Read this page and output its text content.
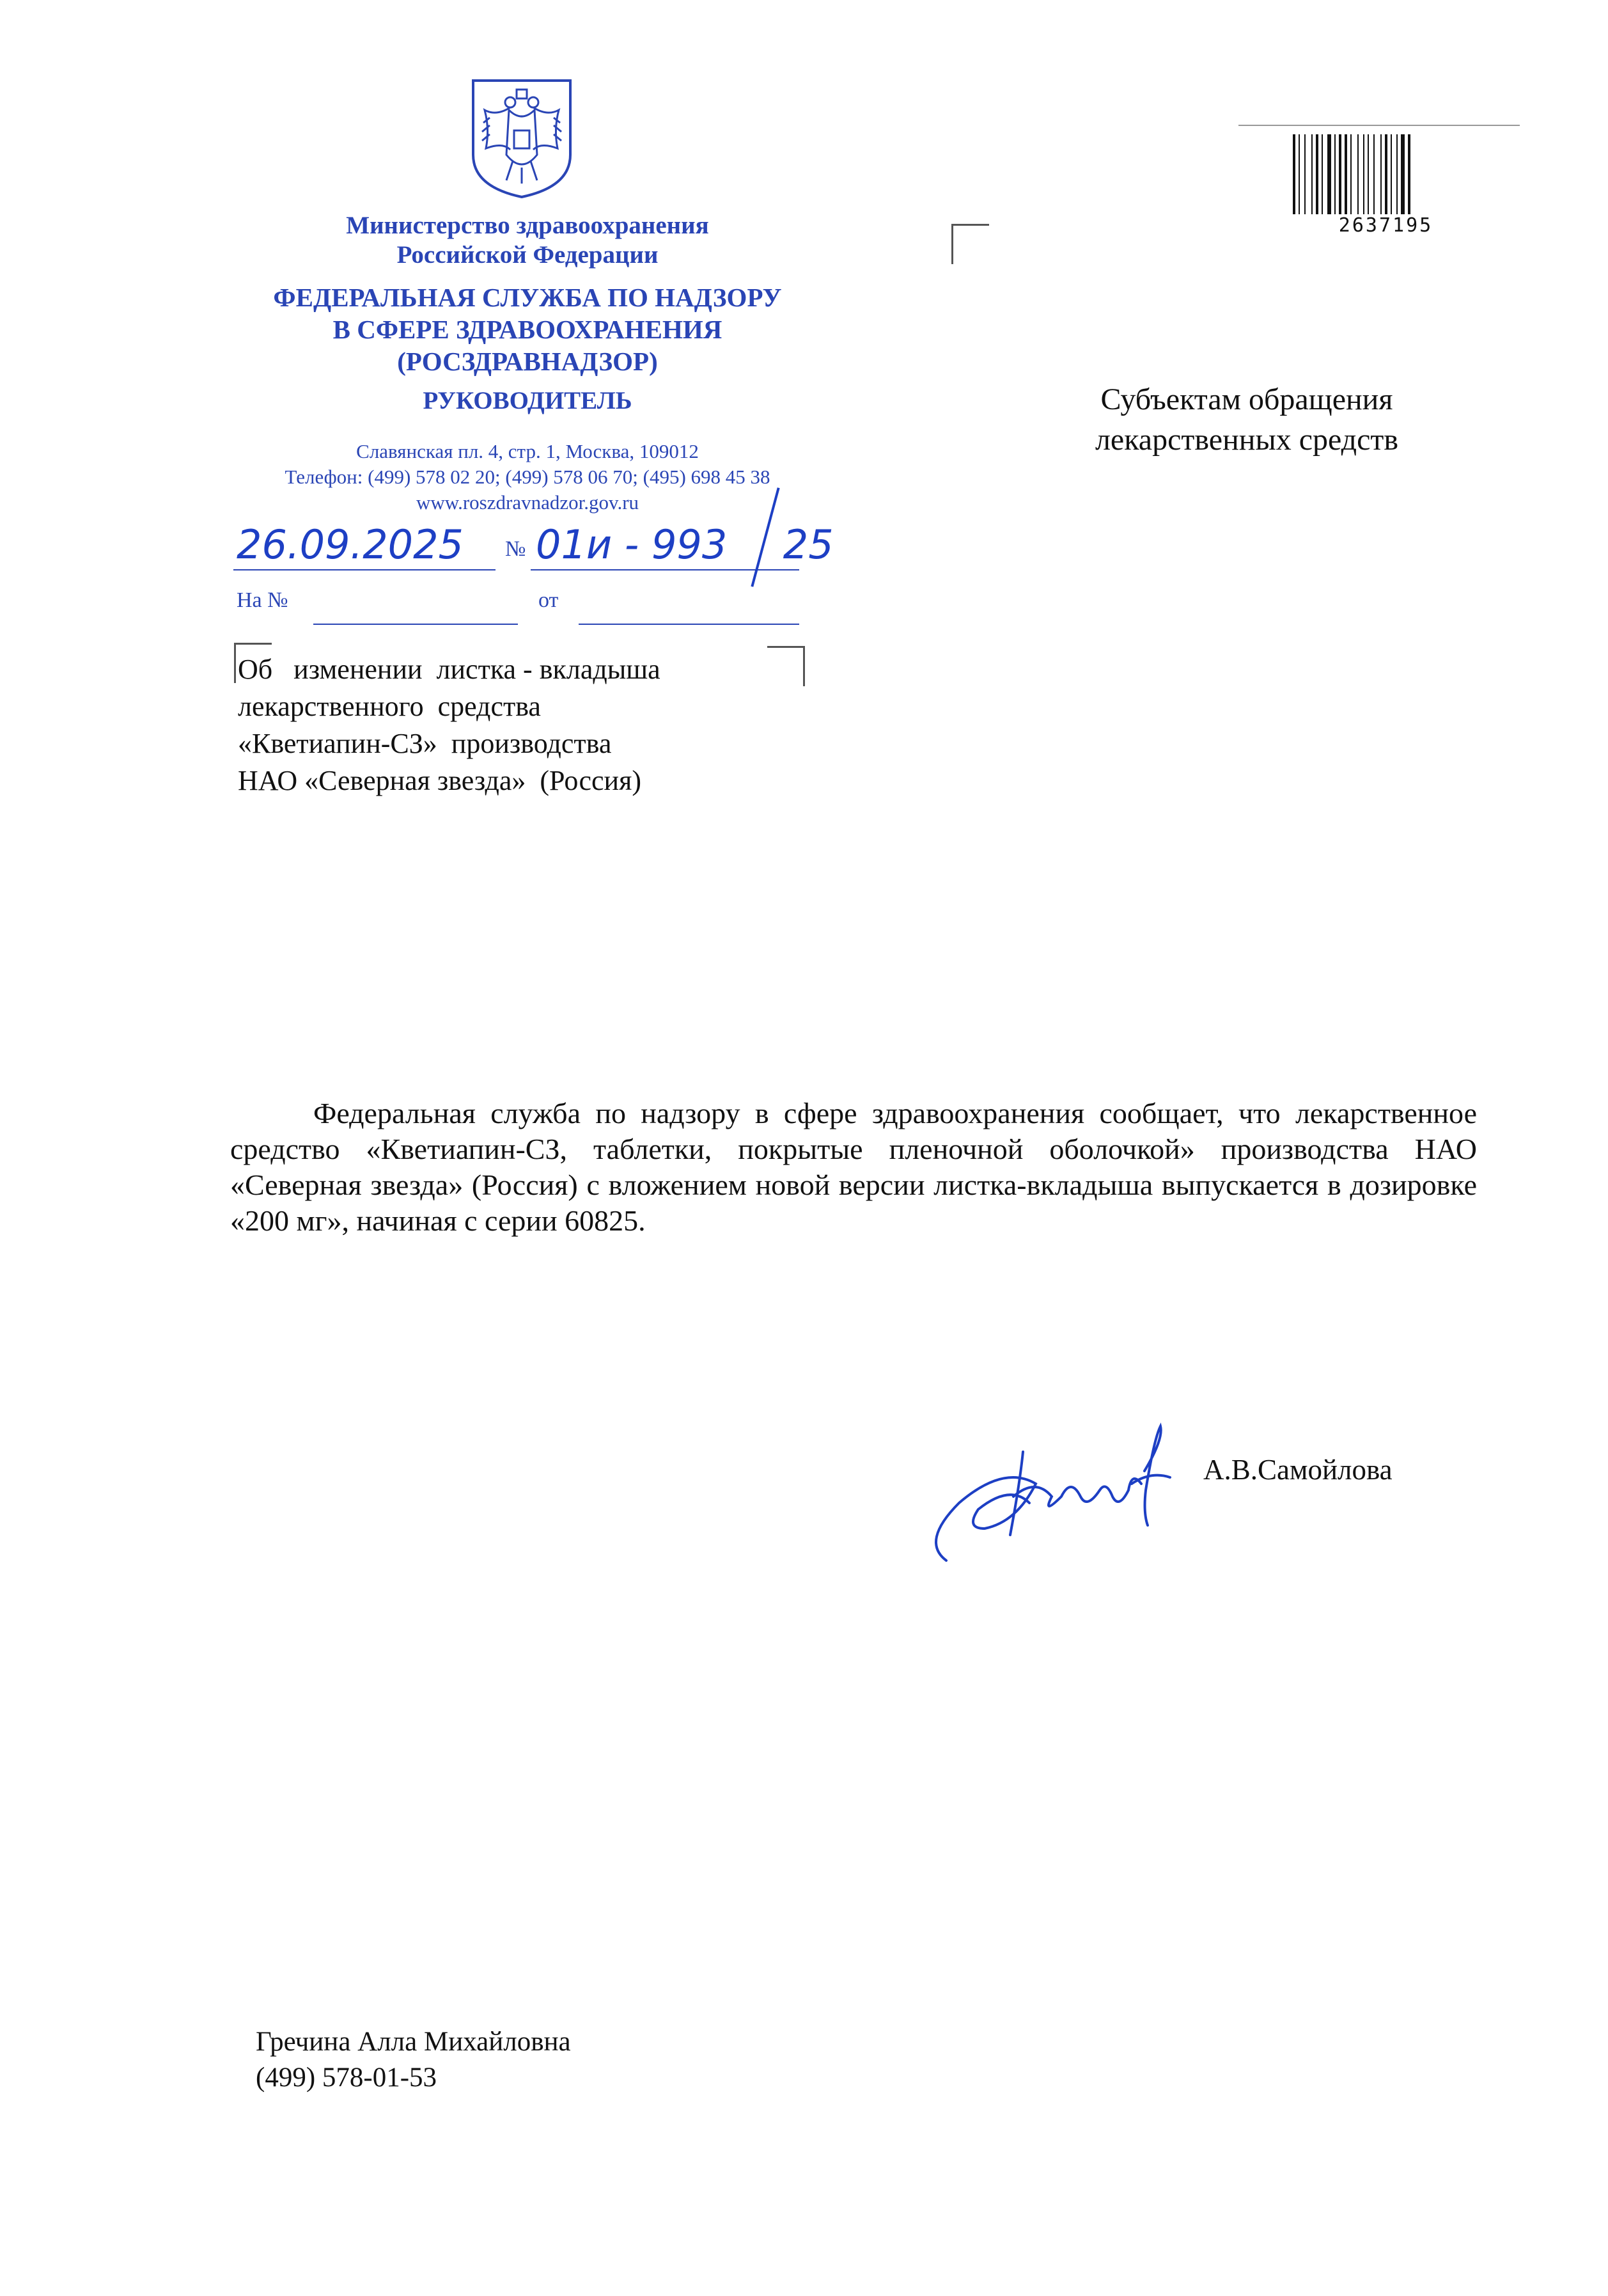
Министерство здравоохранения
Российской Федерации
ФЕДЕРАЛЬНАЯ СЛУЖБА ПО НАДЗОРУ
В СФЕРЕ ЗДРАВООХРАНЕНИЯ
(РОСЗДРАВНАДЗОР)
РУКОВОДИТЕЛЬ
Славянская пл. 4, стр. 1, Москва, 109012
Телефон: (499) 578 02 20; (499) 578 06 70; (495) 698 45 38
www.roszdravnadzor.gov.ru
26.09.2025 № 01и - 993 25
На №	от
2637195
Субъектам обращения
лекарственных средств
Об   изменении  листка - вкладыша
лекарственного  средства
«Кветиапин-СЗ»  производства
НАО «Северная звезда»  (Россия)

Федеральная служба по надзору в сфере здравоохранения сообщает, что лекарственное средство «Кветиапин-СЗ, таблетки, покрытые пленочной оболочкой» производства НАО «Северная звезда» (Россия) с вложением новой версии листка-вкладыша выпускается в дозировке «200 мг», начиная с серии 60825.

А.В.Самойлова
Гречина Алла Михайловна
(499) 578-01-53
